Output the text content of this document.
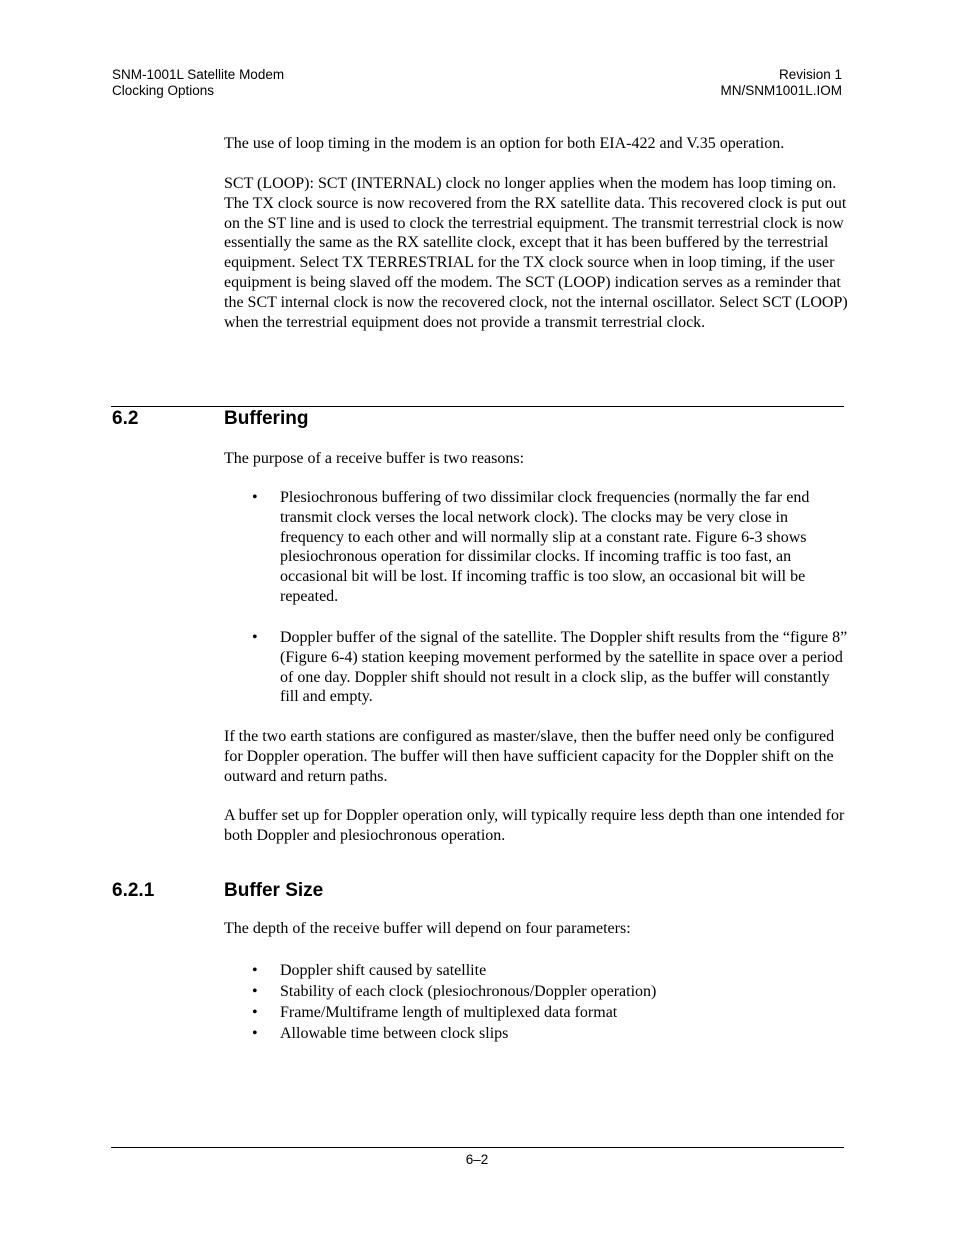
SNM-1001L Satellite Modem
Clocking Options
Revision 1
MN/SNM1001L.IOM

The use of loop timing in the modem is an option for both EIA-422 and V.35 operation.

SCT (LOOP): SCT (INTERNAL) clock no longer applies when the modem has loop timing on. The TX clock source is now recovered from the RX satellite data. This recovered clock is put out on the ST line and is used to clock the terrestrial equipment. The transmit terrestrial clock is now essentially the same as the RX satellite clock, except that it has been buffered by the terrestrial equipment. Select TX TERRESTRIAL for the TX clock source when in loop timing, if the user equipment is being slaved off the modem. The SCT (LOOP) indication serves as a reminder that the SCT internal clock is now the recovered clock, not the internal oscillator. Select SCT (LOOP) when the terrestrial equipment does not provide a transmit terrestrial clock.

6.2	Buffering

The purpose of a receive buffer is two reasons:

• Plesiochronous buffering of two dissimilar clock frequencies (normally the far end transmit clock verses the local network clock). The clocks may be very close in frequency to each other and will normally slip at a constant rate. Figure 6-3 shows plesiochronous operation for dissimilar clocks. If incoming traffic is too fast, an occasional bit will be lost. If incoming traffic is too slow, an occasional bit will be repeated.
• Doppler buffer of the signal of the satellite. The Doppler shift results from the “figure 8” (Figure 6-4) station keeping movement performed by the satellite in space over a period of one day. Doppler shift should not result in a clock slip, as the buffer will constantly fill and empty.

If the two earth stations are configured as master/slave, then the buffer need only be configured for Doppler operation. The buffer will then have sufficient capacity for the Doppler shift on the outward and return paths.

A buffer set up for Doppler operation only, will typically require less depth than one intended for both Doppler and plesiochronous operation.

6.2.1	Buffer Size

The depth of the receive buffer will depend on four parameters:

• Doppler shift caused by satellite
• Stability of each clock (plesiochronous/Doppler operation)
• Frame/Multiframe length of multiplexed data format
• Allowable time between clock slips
6–2
